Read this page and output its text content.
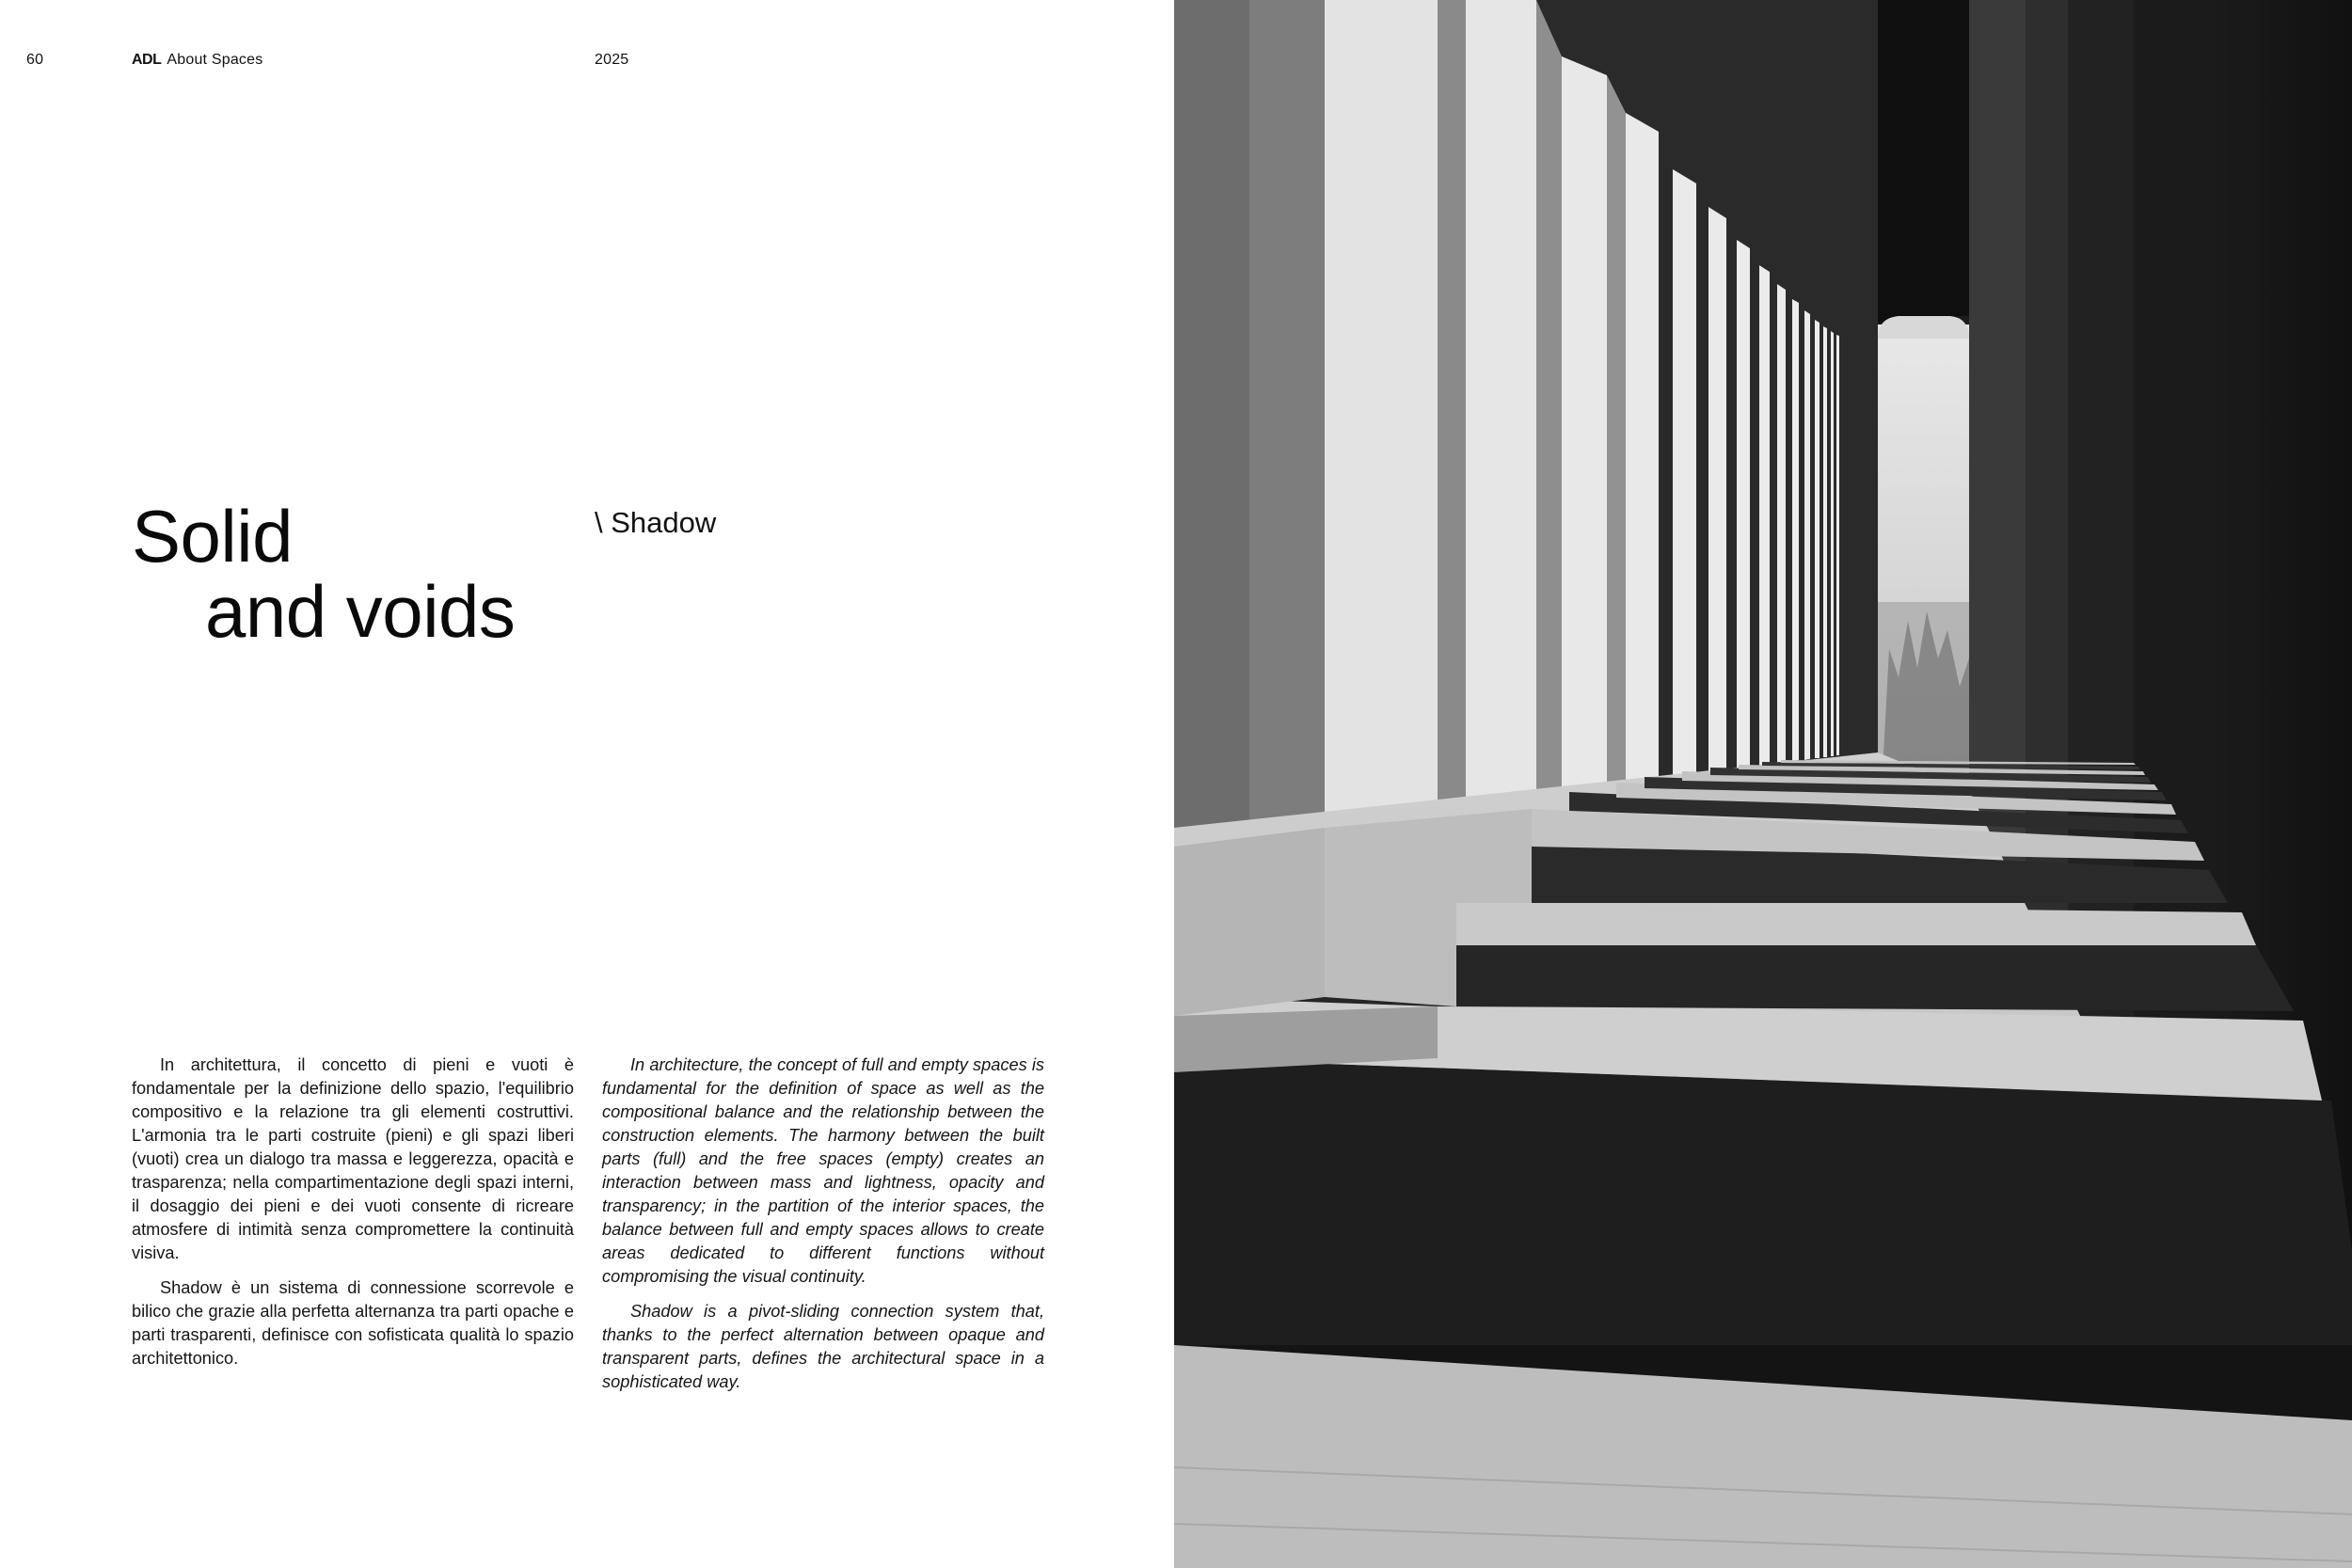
60	ADL About Spaces	2025
Solid
and voids
\ Shadow

In architettura, il concetto di pieni e vuoti è fondamentale per la definizione dello spazio, l'equilibrio compositivo e la relazione tra gli elementi costruttivi. L'armonia tra le parti costruite (pieni) e gli spazi liberi (vuoti) crea un dialogo tra massa e leggerezza, opacità e trasparenza; nella compartimentazione degli spazi interni, il dosaggio dei pieni e dei vuoti consente di ricreare atmosfere di intimità senza compromettere la continuità visiva.

Shadow è un sistema di connessione scorrevole e bilico che grazie alla perfetta alternanza tra parti opache e parti trasparenti, definisce con sofisticata qualità lo spazio architettonico.

In architecture, the concept of full and empty spaces is fundamental for the definition of space as well as the compositional balance and the relationship between the construction elements. The harmony between the built parts (full) and the free spaces (empty) creates an interaction between mass and lightness, opacity and transparency; in the partition of the interior spaces, the balance between full and empty spaces allows to create areas dedicated to different functions without compromising the visual continuity.

Shadow is a pivot-sliding connection system that, thanks to the perfect alternation between opaque and transparent parts, defines the architectural space in a sophisticated way.
